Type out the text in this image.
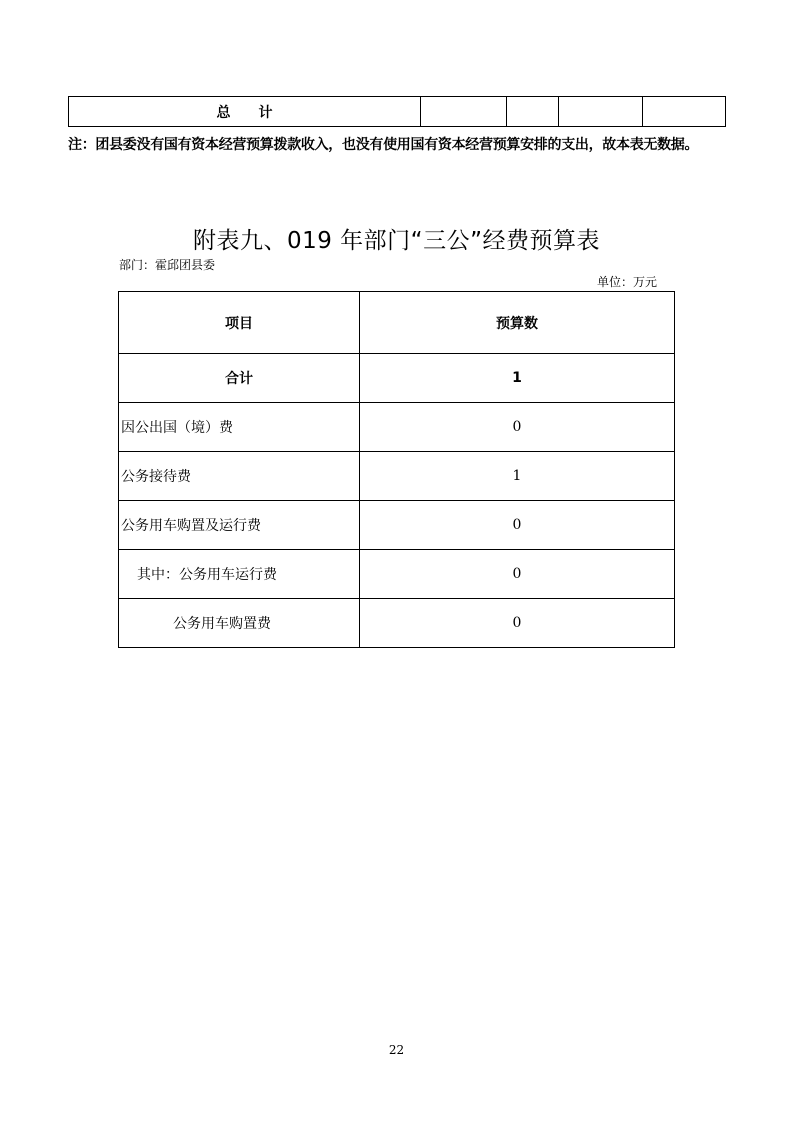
总　　计				
注：团县委没有国有资本经营预算拨款收入，也没有使用国有资本经营预算安排的支出，故本表无数据。
附表九、019 年部门“三公”经费预算表
部门：霍邱团县委
单位：万元
项目	预算数
合计	1
因公出国（境）费	0
公务接待费	1
公务用车购置及运行费	0
其中：公务用车运行费	0
公务用车购置费	0
22
